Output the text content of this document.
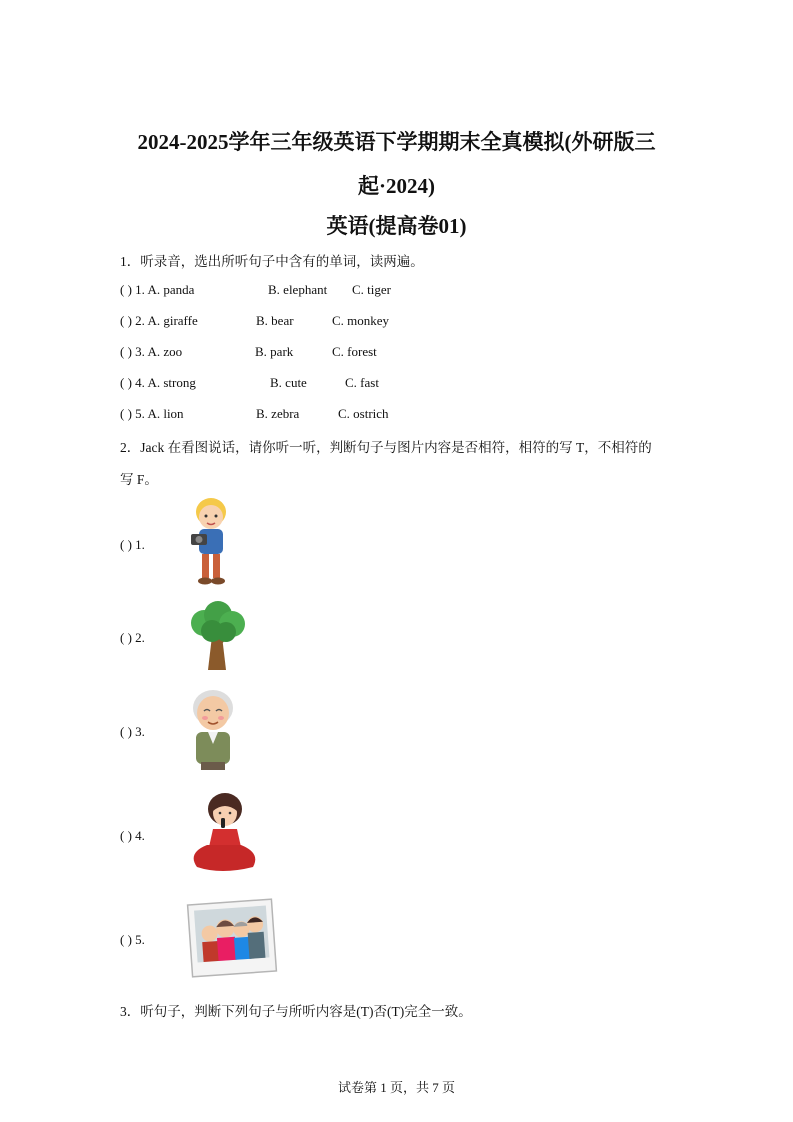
2024-2025学年三年级英语下学期期末全真模拟(外研版三
起·2024)
英语(提高卷01)
1．听录音，选出所听句子中含有的单词，读两遍。
( ) 1. A. panda	B. elephant C. tiger
( ) 2. A. giraffe	B. bear	C. monkey
( ) 3. A. zoo	B. park	C. forest
( ) 4. A. strong	B. cute	C. fast
( ) 5. A. lion	B. zebra	C. ostrich
2．Jack 在看图说话，请你听一听，判断句子与图片内容是否相符，相符的写 T，不相符的
写 F。
( ) 1.
( ) 2.
( ) 3.
( ) 4.
( ) 5.
3．听句子，判断下列句子与所听内容是(T)否(T)完全一致。
试卷第 1 页，共 7 页
